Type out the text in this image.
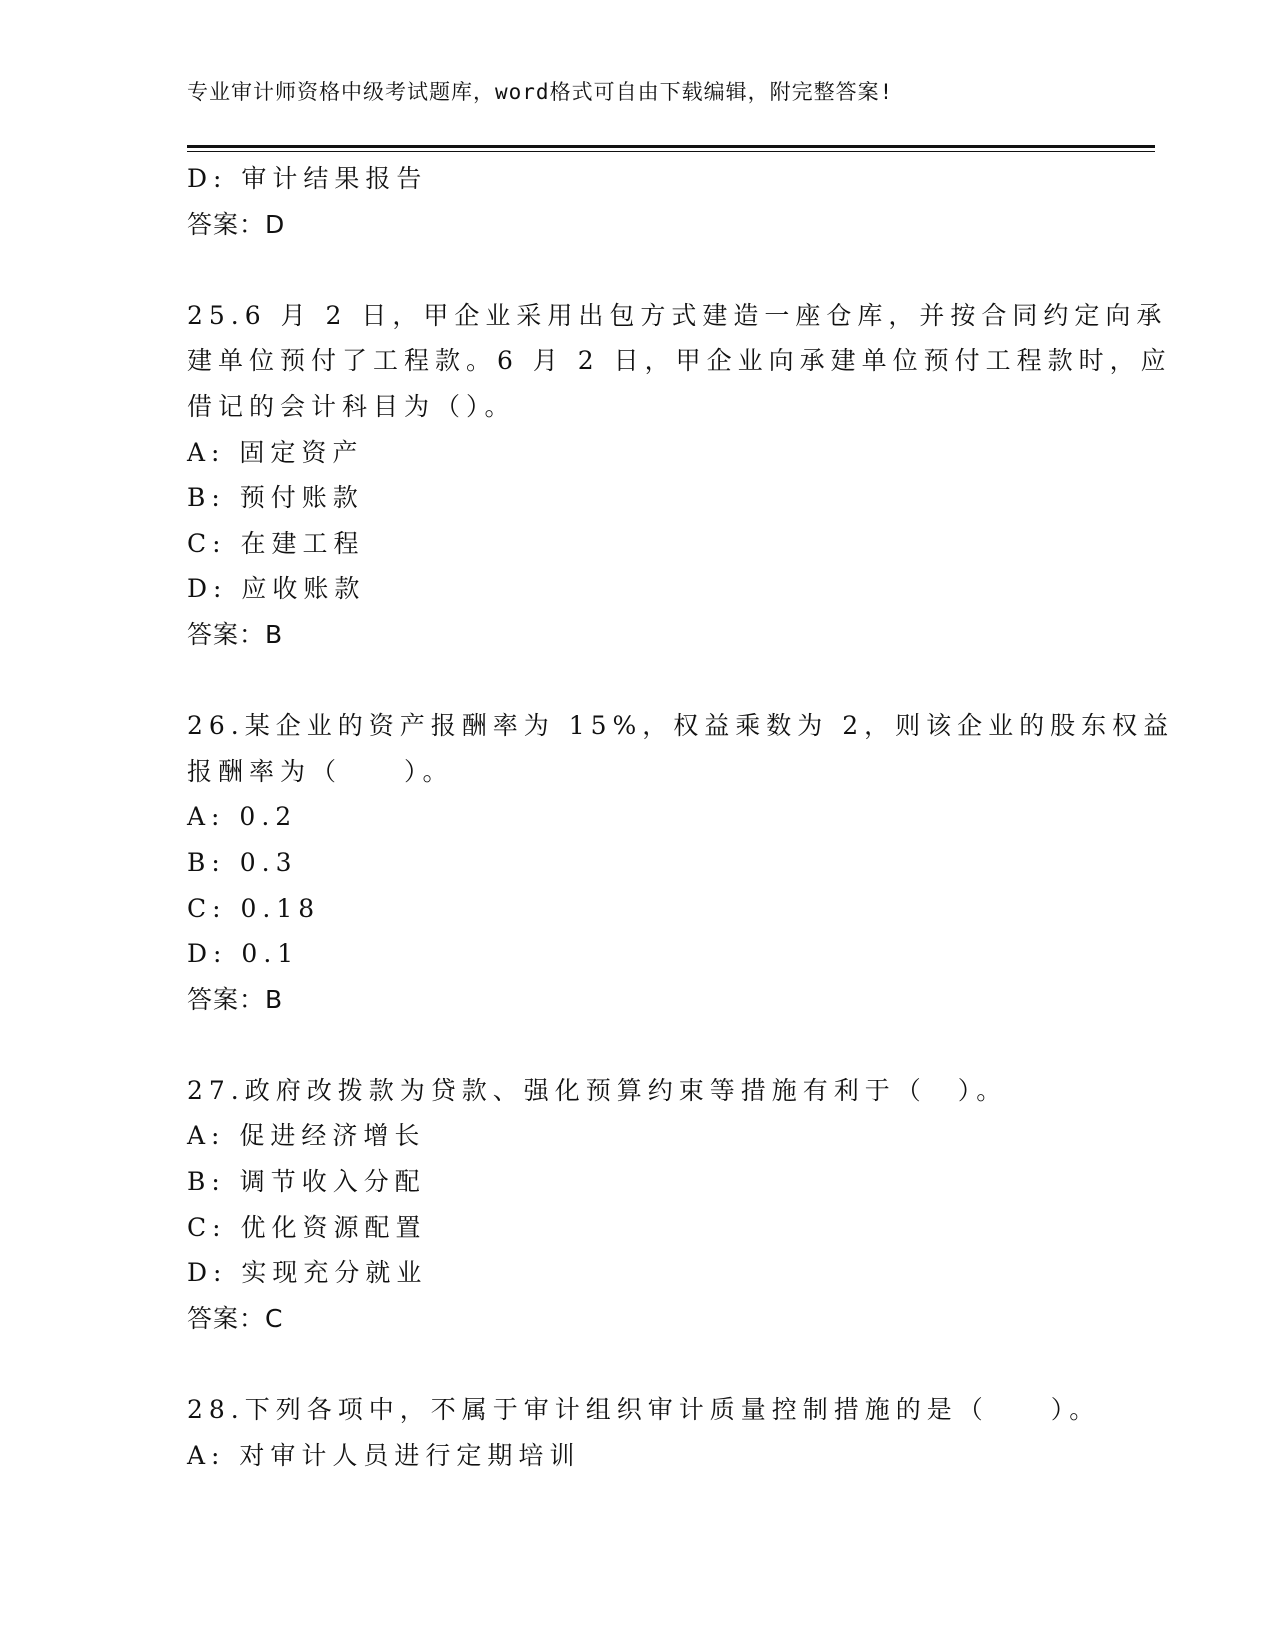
专业审计师资格中级考试题库，word格式可自由下载编辑，附完整答案!
D: 审计结果报告
答案：D
25.6 月 2 日，甲企业采用出包方式建造一座仓库，并按合同约定向承
建单位预付了工程款。6 月 2 日，甲企业向承建单位预付工程款时，应
借记的会计科目为（）。
A: 固定资产
B: 预付账款
C: 在建工程
D: 应收账款
答案：B
26.某企业的资产报酬率为 15%，权益乘数为 2，则该企业的股东权益
报酬率为（　　）。
A: 0.2
B: 0.3
C: 0.18
D: 0.1
答案：B
27.政府改拨款为贷款、强化预算约束等措施有利于（　）。
A: 促进经济增长
B: 调节收入分配
C: 优化资源配置
D: 实现充分就业
答案：C
28.下列各项中，不属于审计组织审计质量控制措施的是（　　）。
A: 对审计人员进行定期培训
